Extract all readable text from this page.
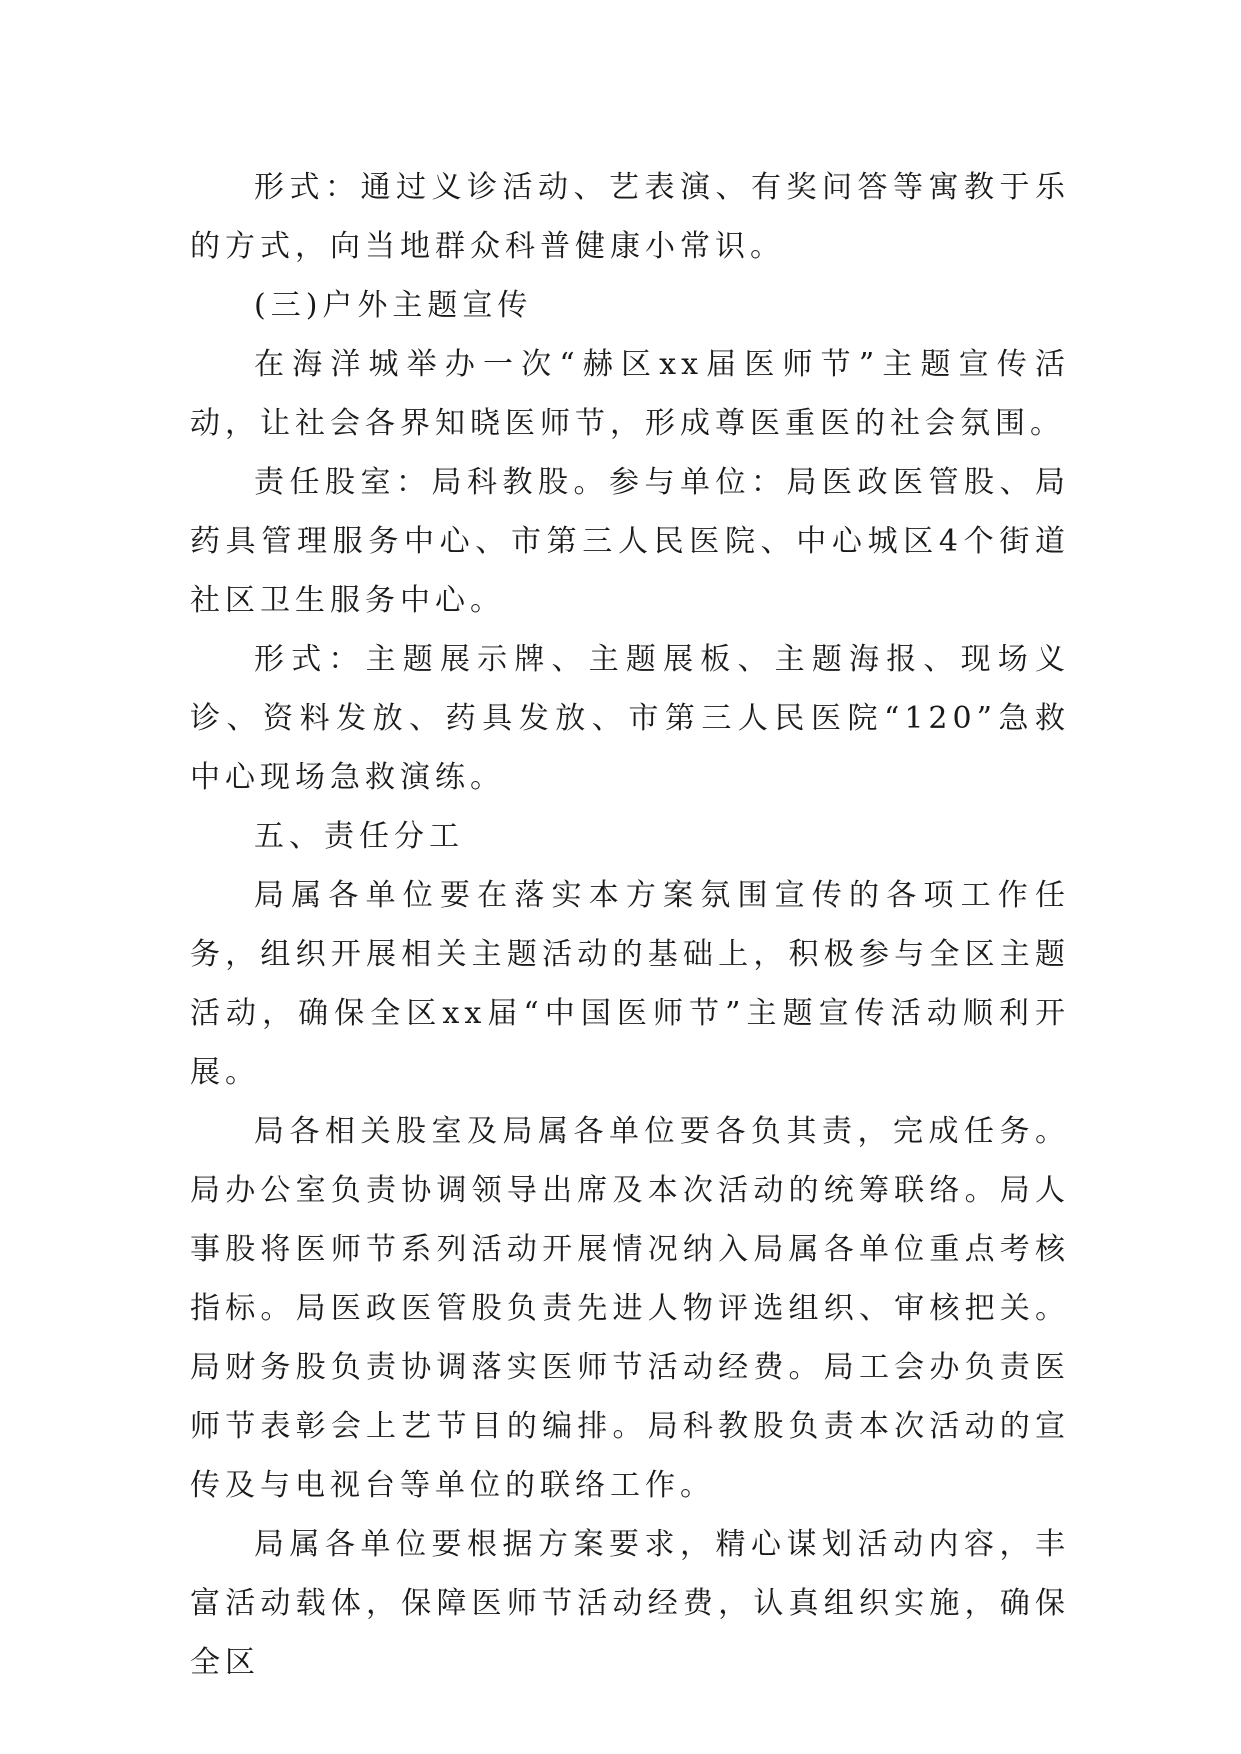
形式：通过义诊活动、艺表演、有奖问答等寓教于乐的方式，向当地群众科普健康小常识。

(三)户外主题宣传

在海洋城举办一次“赫区xx届医师节”主题宣传活动，让社会各界知晓医师节，形成尊医重医的社会氛围。

责任股室：局科教股。参与单位：局医政医管股、局药具管理服务中心、市第三人民医院、中心城区4个街道社区卫生服务中心。

形式：主题展示牌、主题展板、主题海报、现场义诊、资料发放、药具发放、市第三人民医院“120”急救中心现场急救演练。

五、责任分工

局属各单位要在落实本方案氛围宣传的各项工作任务，组织开展相关主题活动的基础上，积极参与全区主题活动，确保全区xx届“中国医师节”主题宣传活动顺利开展。

局各相关股室及局属各单位要各负其责，完成任务。局办公室负责协调领导出席及本次活动的统筹联络。局人事股将医师节系列活动开展情况纳入局属各单位重点考核指标。局医政医管股负责先进人物评选组织、审核把关。局财务股负责协调落实医师节活动经费。局工会办负责医师节表彰会上艺节目的编排。局科教股负责本次活动的宣传及与电视台等单位的联络工作。

局属各单位要根据方案要求，精心谋划活动内容，丰富活动载体，保障医师节活动经费，认真组织实施，确保全区
